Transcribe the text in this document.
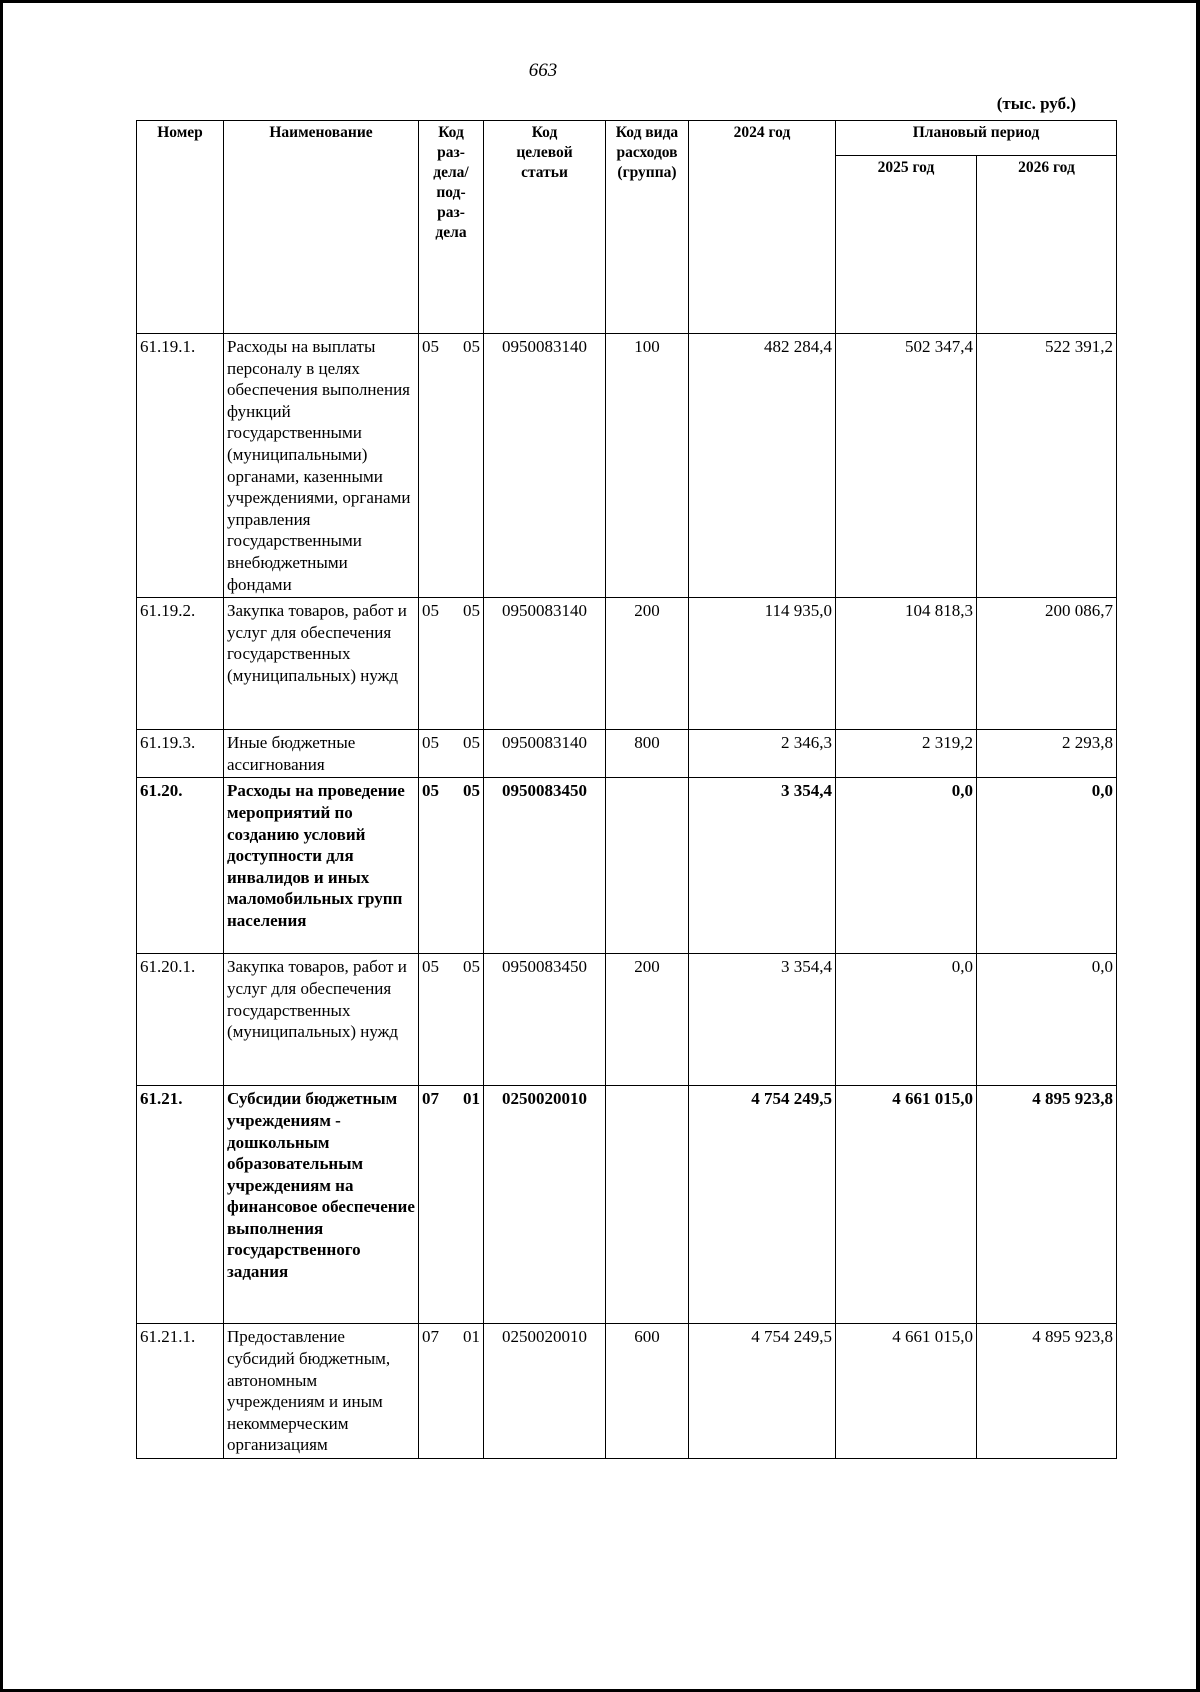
663
(тыс. руб.)
Номер	Наименование	Код раз-дела/ под-раз-дела		Код целевой статьи	Код вида расходов (группа)	2024 год	Плановый период	
							2025 год	2026 год
61.19.1.	Расходы на выплаты персоналу в целях обеспечения выполнения функций государственными (муниципальными) органами, казенными учреждениями, органами управления государственными внебюджетными фондами	05	05	0950083140	100	482 284,4	502 347,4	522 391,2
61.19.2.	Закупка товаров, работ и услуг для обеспечения государственных (муниципальных) нужд	05	05	0950083140	200	114 935,0	104 818,3	200 086,7
61.19.3.	Иные бюджетные ассигнования	05	05	0950083140	800	2 346,3	2 319,2	2 293,8
61.20.	Расходы на проведение мероприятий по созданию условий доступности для инвалидов и иных маломобильных групп населения	05	05	0950083450		3 354,4	0,0	0,0
61.20.1.	Закупка товаров, работ и услуг для обеспечения государственных (муниципальных) нужд	05	05	0950083450	200	3 354,4	0,0	0,0
61.21.	Субсидии бюджетным учреждениям - дошкольным образовательным учреждениям на финансовое обеспечение выполнения государственного задания	07	01	0250020010		4 754 249,5	4 661 015,0	4 895 923,8
61.21.1.	Предоставление субсидий бюджетным, автономным учреждениям и иным некоммерческим организациям	07	01	0250020010	600	4 754 249,5	4 661 015,0	4 895 923,8
